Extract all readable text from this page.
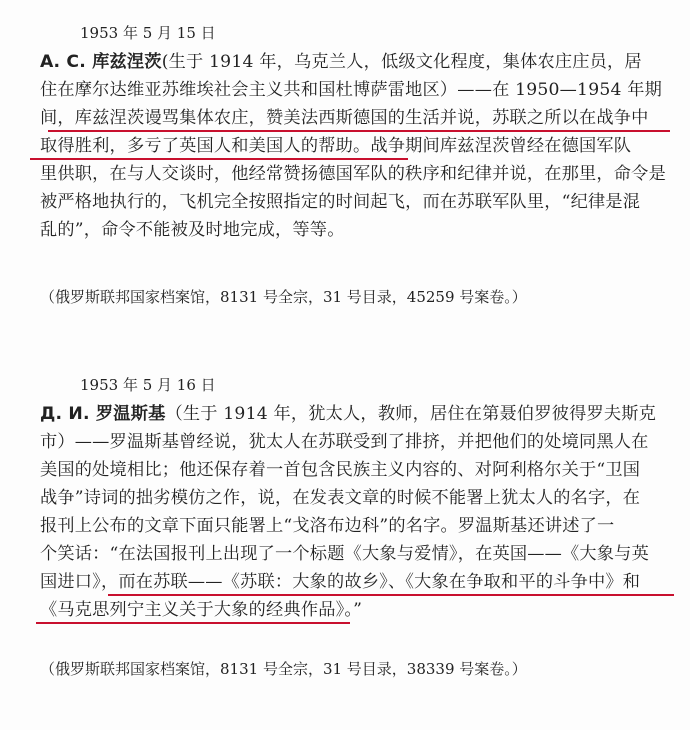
1953 年 5 月 15 日
А. С. 库兹涅茨(生于 1914 年，乌克兰人，低级文化程度，集体农庄庄员，居
住在摩尔达维亚苏维埃社会主义共和国杜博萨雷地区）——在 1950—1954 年期
间，库兹涅茨谩骂集体农庄，赞美法西斯德国的生活并说，苏联之所以在战争中
取得胜利，多亏了英国人和美国人的帮助。战争期间库兹涅茨曾经在德国军队
里供职，在与人交谈时，他经常赞扬德国军队的秩序和纪律并说，在那里，命令是
被严格地执行的，飞机完全按照指定的时间起飞，而在苏联军队里，“纪律是混
乱的”，命令不能被及时地完成，等等。
（俄罗斯联邦国家档案馆，8131 号全宗，31 号目录，45259 号案卷。）
1953 年 5 月 16 日
Д. И. 罗温斯基（生于 1914 年，犹太人，教师，居住在第聂伯罗彼得罗夫斯克
市）——罗温斯基曾经说，犹太人在苏联受到了排挤，并把他们的处境同黑人在
美国的处境相比；他还保存着一首包含民族主义内容的、对阿利格尔关于“卫国
战争”诗词的拙劣模仿之作，说，在发表文章的时候不能署上犹太人的名字，在
报刊上公布的文章下面只能署上“戈洛布边科”的名字。罗温斯基还讲述了一
个笑话：“在法国报刊上出现了一个标题《大象与爱情》，在英国——《大象与英
国进口》，而在苏联——《苏联：大象的故乡》、《大象在争取和平的斗争中》和
《马克思列宁主义关于大象的经典作品》。”
（俄罗斯联邦国家档案馆，8131 号全宗，31 号目录，38339 号案卷。）
